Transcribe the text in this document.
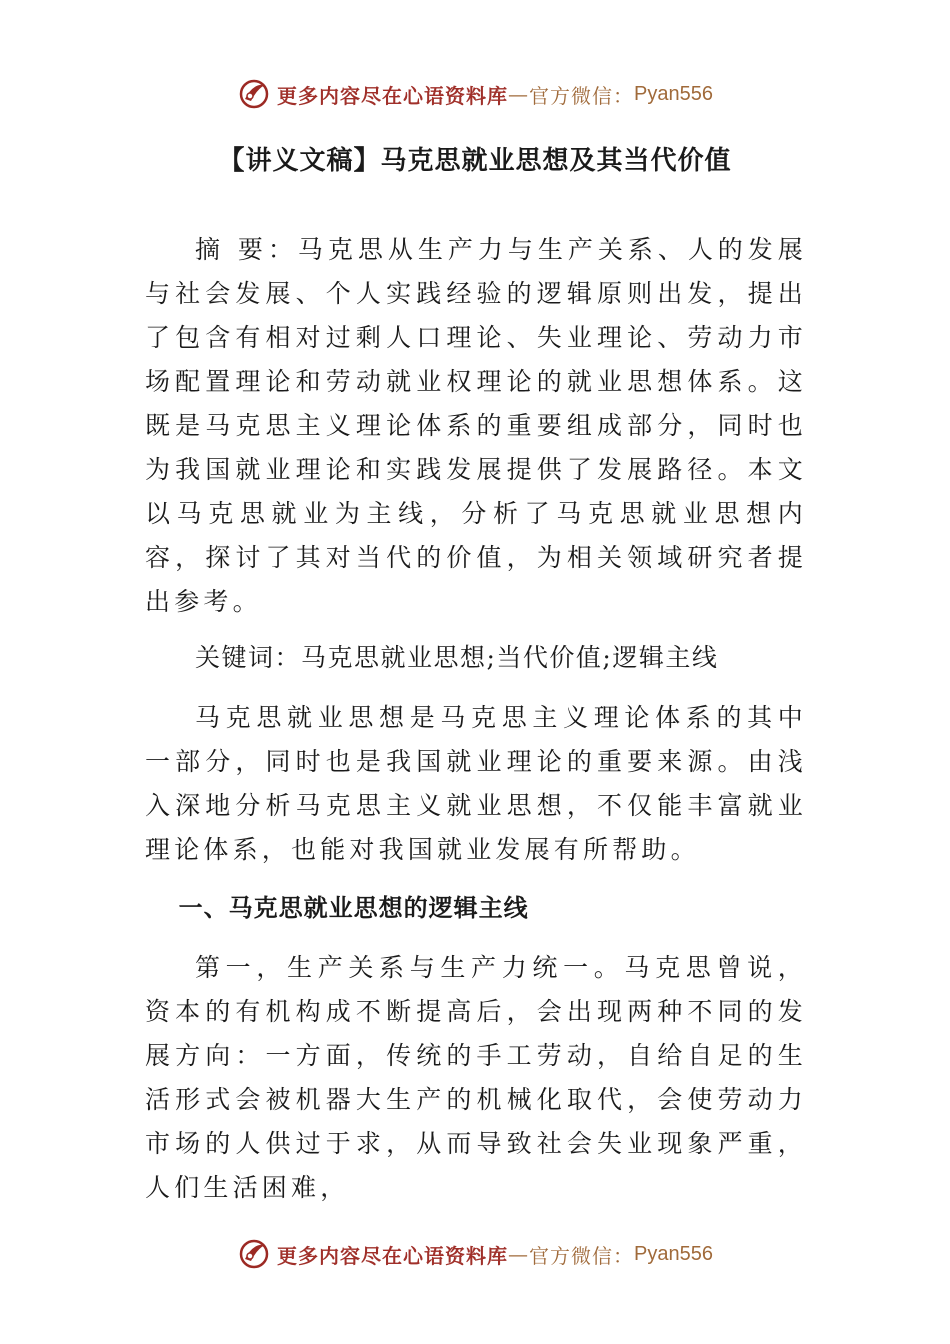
更多内容尽在心语资料库 — 官方微信： Pyan556
【讲义文稿】马克思就业思想及其当代价值

摘 要：马克思从生产力与生产关系、人的发展与社会发展、个人实践经验的逻辑原则出发，提出了包含有相对过剩人口理论、失业理论、劳动力市场配置理论和劳动就业权理论的就业思想体系。这既是马克思主义理论体系的重要组成部分，同时也为我国就业理论和实践发展提供了发展路径。本文以马克思就业为主线，分析了马克思就业思想内容，探讨了其对当代的价值，为相关领域研究者提出参考。

关键词：马克思就业思想;当代价值;逻辑主线

马克思就业思想是马克思主义理论体系的其中一部分，同时也是我国就业理论的重要来源。由浅入深地分析马克思主义就业思想，不仅能丰富就业理论体系，也能对我国就业发展有所帮助。

一、马克思就业思想的逻辑主线

第一，生产关系与生产力统一。马克思曾说，资本的有机构成不断提高后，会出现两种不同的发展方向：一方面，传统的手工劳动，自给自足的生活形式会被机器大生产的机械化取代，会使劳动力市场的人供过于求，从而导致社会失业现象严重，人们生活困难，

更多内容尽在心语资料库 — 官方微信： Pyan556
